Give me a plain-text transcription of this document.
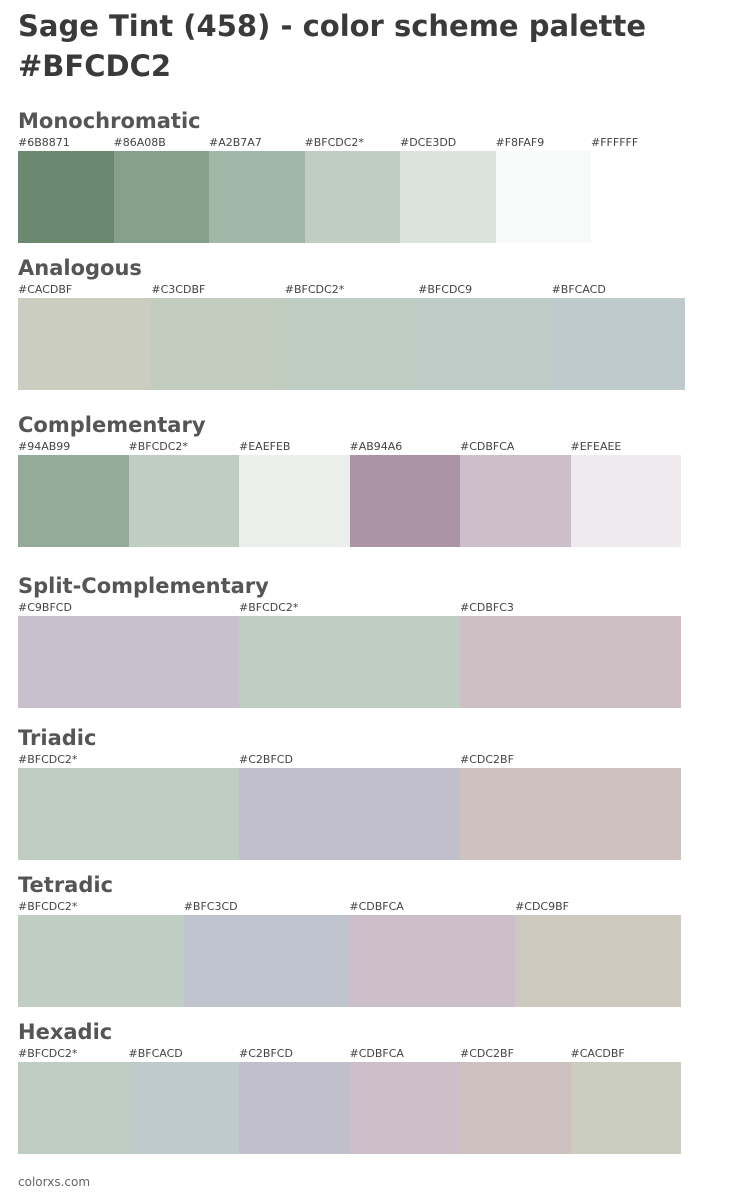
Sage Tint (458) - color scheme palette
#BFCDC2
Monochromatic
#6B8871	#86A08B	#A2B7A7	#BFCDC2*	#DCE3DD	#F8FAF9	#FFFFFF
Analogous
#CACDBF	#C3CDBF	#BFCDC2*	#BFCDC9	#BFCACD
Complementary
#94AB99	#BFCDC2*	#EAEFEB	#AB94A6	#CDBFCA	#EFEAEE
Split-Complementary
#C9BFCD	#BFCDC2*	#CDBFC3
Triadic
#BFCDC2*	#C2BFCD	#CDC2BF
Tetradic
#BFCDC2*	#BFC3CD	#CDBFCA	#CDC9BF
Hexadic
#BFCDC2*	#BFCACD	#C2BFCD	#CDBFCA	#CDC2BF	#CACDBF
colorxs.com
